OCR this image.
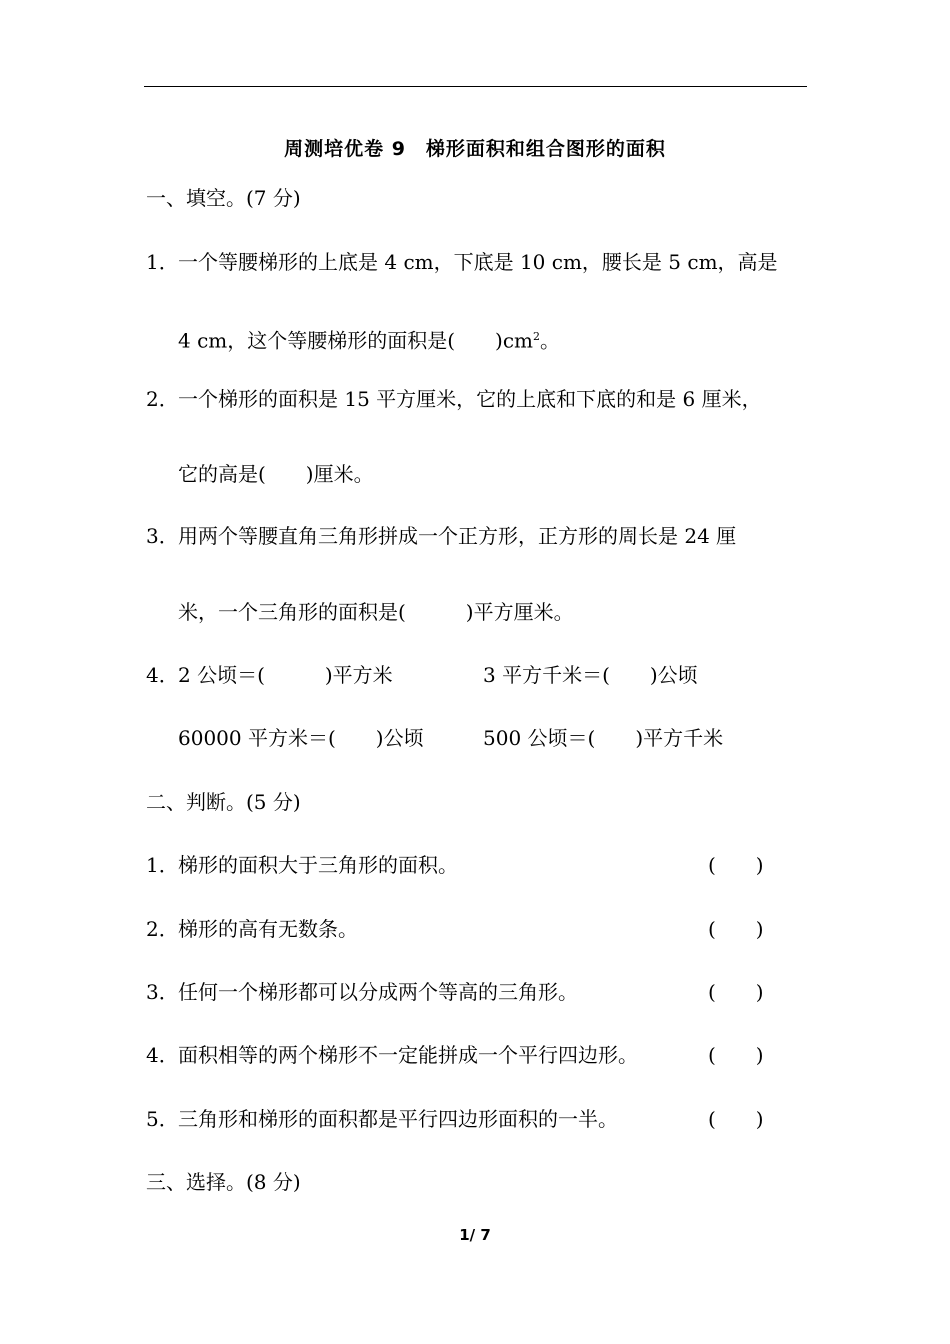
周测培优卷 9　梯形面积和组合图形的面积
一、填空。(7 分)
1． 一个等腰梯形的上底是 4 cm，下底是 10 cm，腰长是 5 cm，高是
4 cm，这个等腰梯形的面积是(　　)$cm^2$。
2． 一个梯形的面积是 15 平方厘米，它的上底和下底的和是 6 厘米，
它的高是(　　)厘米。
3． 用两个等腰直角三角形拼成一个正方形，正方形的周长是 24 厘
米，一个三角形的面积是(　　　)平方厘米。
4． 2 公顷＝(　　　)平方米	3 平方千米＝(　　)公顷
60000 平方米＝(　　)公顷	500 公顷＝(　　)平方千米
二、判断。(5 分)
1． 梯形的面积大于三角形的面积。	(　　)
2． 梯形的高有无数条。	(　　)
3． 任何一个梯形都可以分成两个等高的三角形。	(　　)
4． 面积相等的两个梯形不一定能拼成一个平行四边形。	(　　)
5． 三角形和梯形的面积都是平行四边形面积的一半。	(　　)
三、选择。(8 分)
1/ 7
